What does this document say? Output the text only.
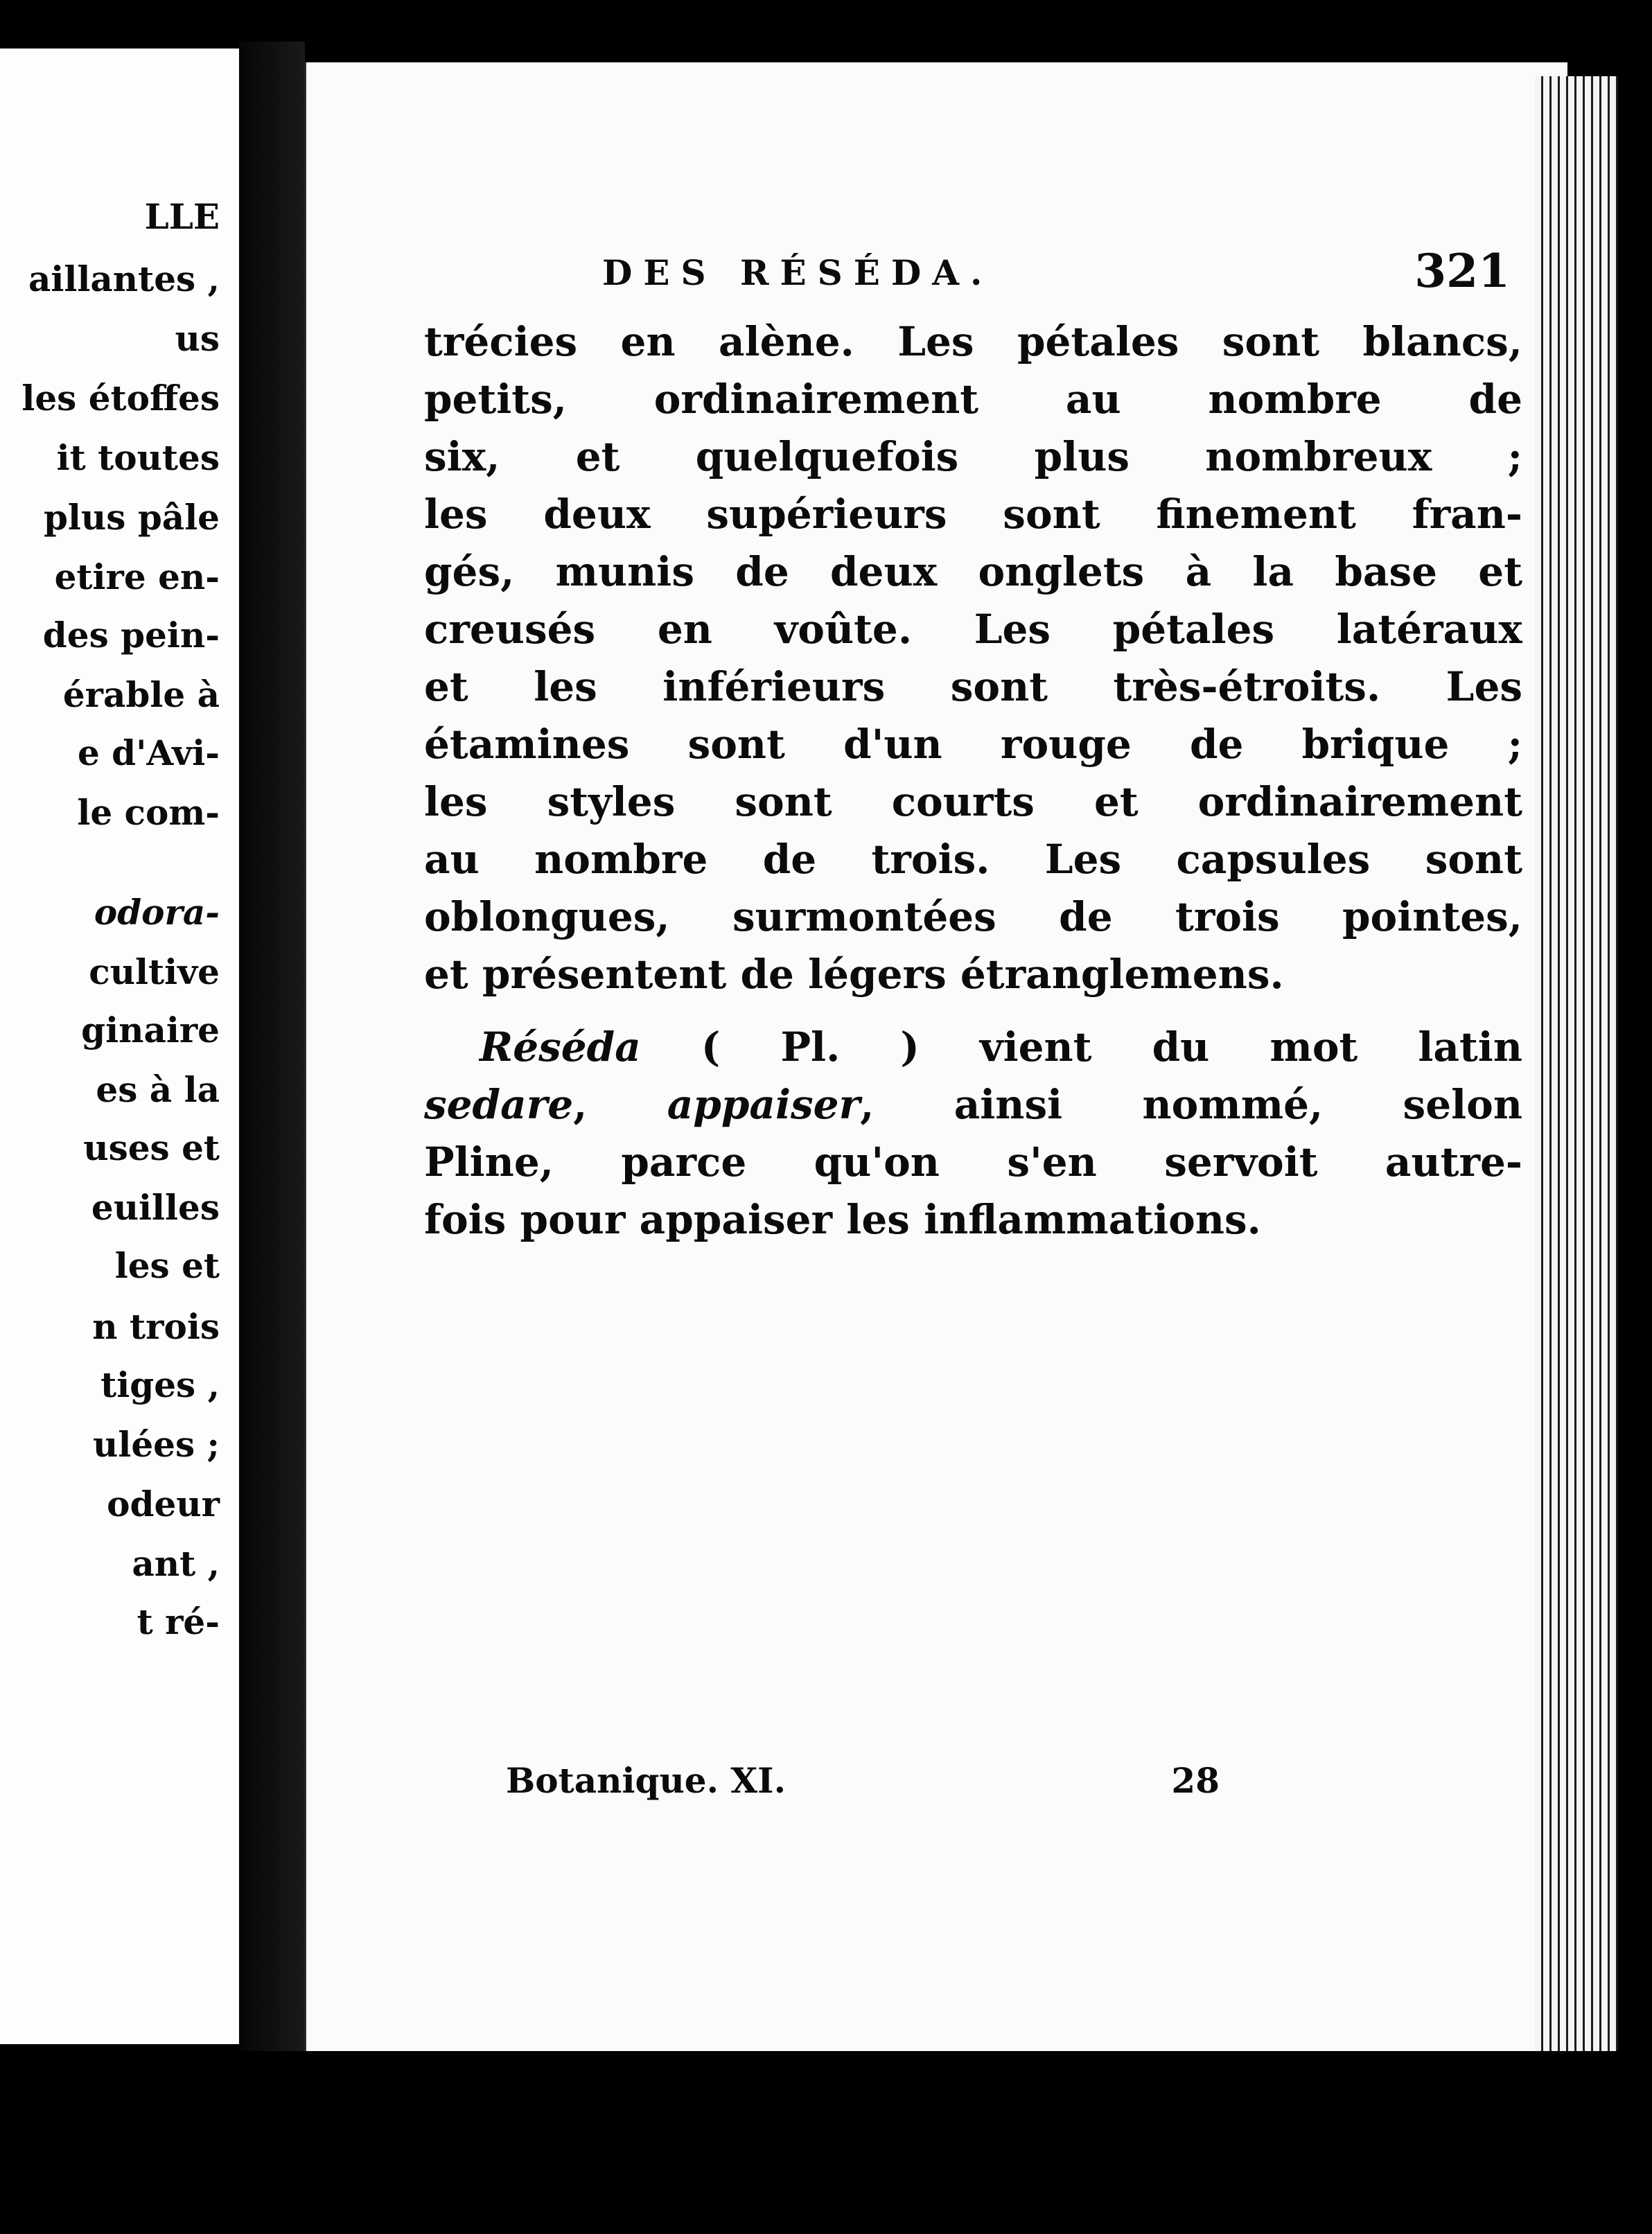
LLE
aillantes ,
us
les étoffes
it toutes
plus pâle
etire en-
des pein-
érable à
e d'Avi-
le com-
odora-
cultive
ginaire
es à la
uses et
euilles
les et
n trois
tiges ,
ulées ;
odeur
ant ,
t ré-
DES RÉSÉDA.	321
trécies en alène. Les pétales sont blancs,
petits, ordinairement au nombre de
six, et quelquefois plus nombreux ;
les deux supérieurs sont finement fran-
gés, munis de deux onglets à la base et
creusés en voûte. Les pétales latéraux
et les inférieurs sont très-étroits. Les
étamines sont d'un rouge de brique ;
les styles sont courts et ordinairement
au nombre de trois. Les capsules sont
oblongues, surmontées de trois pointes,
et présentent de légers étranglemens.
Réséda ( Pl. ) vient du mot latin
sedare, appaiser, ainsi nommé, selon
Pline, parce qu'on s'en servoit autre-
fois pour appaiser les inflammations.
Botanique. XI.	28
